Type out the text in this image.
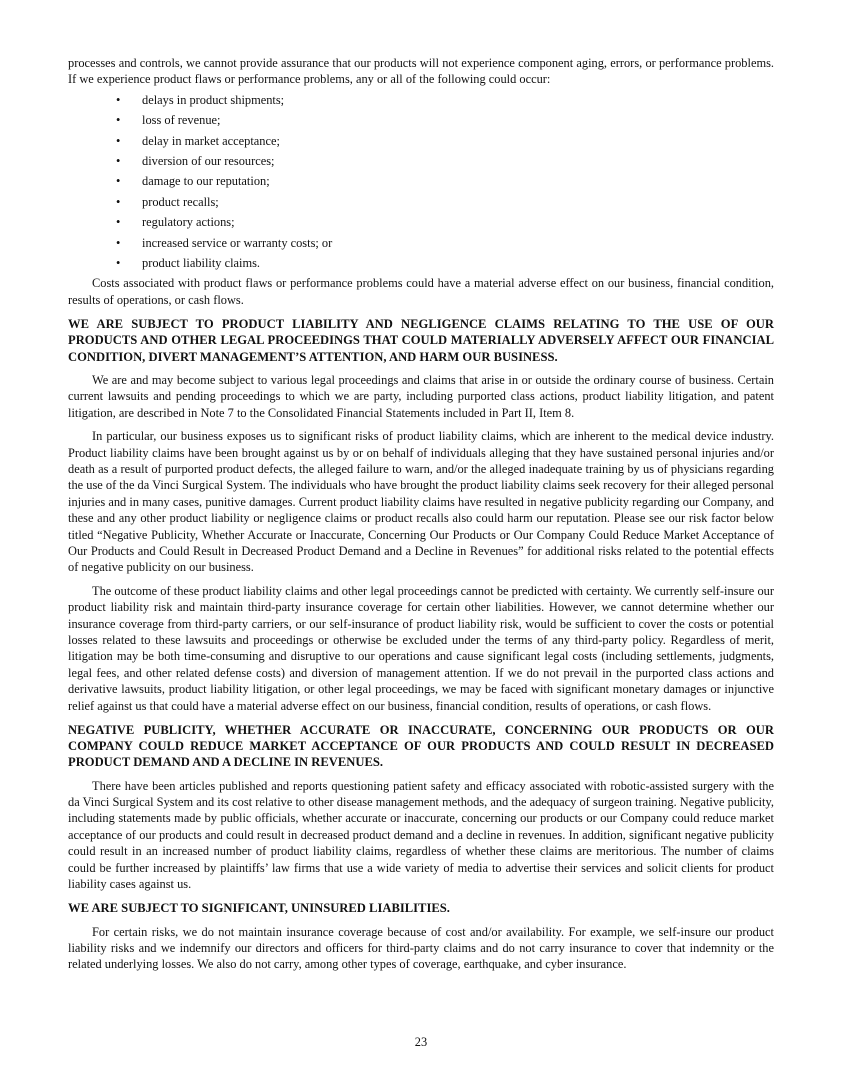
processes and controls, we cannot provide assurance that our products will not experience component aging, errors, or performance problems. If we experience product flaws or performance problems, any or all of the following could occur:

• delays in product shipments;
• loss of revenue;
• delay in market acceptance;
• diversion of our resources;
• damage to our reputation;
• product recalls;
• regulatory actions;
• increased service or warranty costs; or
• product liability claims.

Costs associated with product flaws or performance problems could have a material adverse effect on our business, financial condition, results of operations, or cash flows.

WE ARE SUBJECT TO PRODUCT LIABILITY AND NEGLIGENCE CLAIMS RELATING TO THE USE OF OUR PRODUCTS AND OTHER LEGAL PROCEEDINGS THAT COULD MATERIALLY ADVERSELY AFFECT OUR FINANCIAL CONDITION, DIVERT MANAGEMENT’S ATTENTION, AND HARM OUR BUSINESS.

We are and may become subject to various legal proceedings and claims that arise in or outside the ordinary course of business. Certain current lawsuits and pending proceedings to which we are party, including purported class actions, product liability litigation, and patent litigation, are described in Note 7 to the Consolidated Financial Statements included in Part II, Item 8.

In particular, our business exposes us to significant risks of product liability claims, which are inherent to the medical device industry. Product liability claims have been brought against us by or on behalf of individuals alleging that they have sustained personal injuries and/or death as a result of purported product defects, the alleged failure to warn, and/or the alleged inadequate training by us of physicians regarding the use of the da Vinci Surgical System. The individuals who have brought the product liability claims seek recovery for their alleged personal injuries and in many cases, punitive damages. Current product liability claims have resulted in negative publicity regarding our Company, and these and any other product liability or negligence claims or product recalls also could harm our reputation. Please see our risk factor below titled “Negative Publicity, Whether Accurate or Inaccurate, Concerning Our Products or Our Company Could Reduce Market Acceptance of Our Products and Could Result in Decreased Product Demand and a Decline in Revenues” for additional risks related to the potential effects of negative publicity on our business.

The outcome of these product liability claims and other legal proceedings cannot be predicted with certainty. We currently self-insure our product liability risk and maintain third-party insurance coverage for certain other liabilities. However, we cannot determine whether our insurance coverage from third-party carriers, or our self-insurance of product liability risk, would be sufficient to cover the costs or potential losses related to these lawsuits and proceedings or otherwise be excluded under the terms of any third-party policy. Regardless of merit, litigation may be both time-consuming and disruptive to our operations and cause significant legal costs (including settlements, judgments, legal fees, and other related defense costs) and diversion of management attention. If we do not prevail in the purported class actions and derivative lawsuits, product liability litigation, or other legal proceedings, we may be faced with significant monetary damages or injunctive relief against us that could have a material adverse effect on our business, financial condition, results of operations, or cash flows.

NEGATIVE PUBLICITY, WHETHER ACCURATE OR INACCURATE, CONCERNING OUR PRODUCTS OR OUR COMPANY COULD REDUCE MARKET ACCEPTANCE OF OUR PRODUCTS AND COULD RESULT IN DECREASED PRODUCT DEMAND AND A DECLINE IN REVENUES.

There have been articles published and reports questioning patient safety and efficacy associated with robotic-assisted surgery with the da Vinci Surgical System and its cost relative to other disease management methods, and the adequacy of surgeon training. Negative publicity, including statements made by public officials, whether accurate or inaccurate, concerning our products or our Company could reduce market acceptance of our products and could result in decreased product demand and a decline in revenues. In addition, significant negative publicity could result in an increased number of product liability claims, regardless of whether these claims are meritorious. The number of claims could be further increased by plaintiffs’ law firms that use a wide variety of media to advertise their services and solicit clients for product liability cases against us.

WE ARE SUBJECT TO SIGNIFICANT, UNINSURED LIABILITIES.

For certain risks, we do not maintain insurance coverage because of cost and/or availability. For example, we self-insure our product liability risks and we indemnify our directors and officers for third-party claims and do not carry insurance to cover that indemnity or the related underlying losses. We also do not carry, among other types of coverage, earthquake, and cyber insurance.

23
